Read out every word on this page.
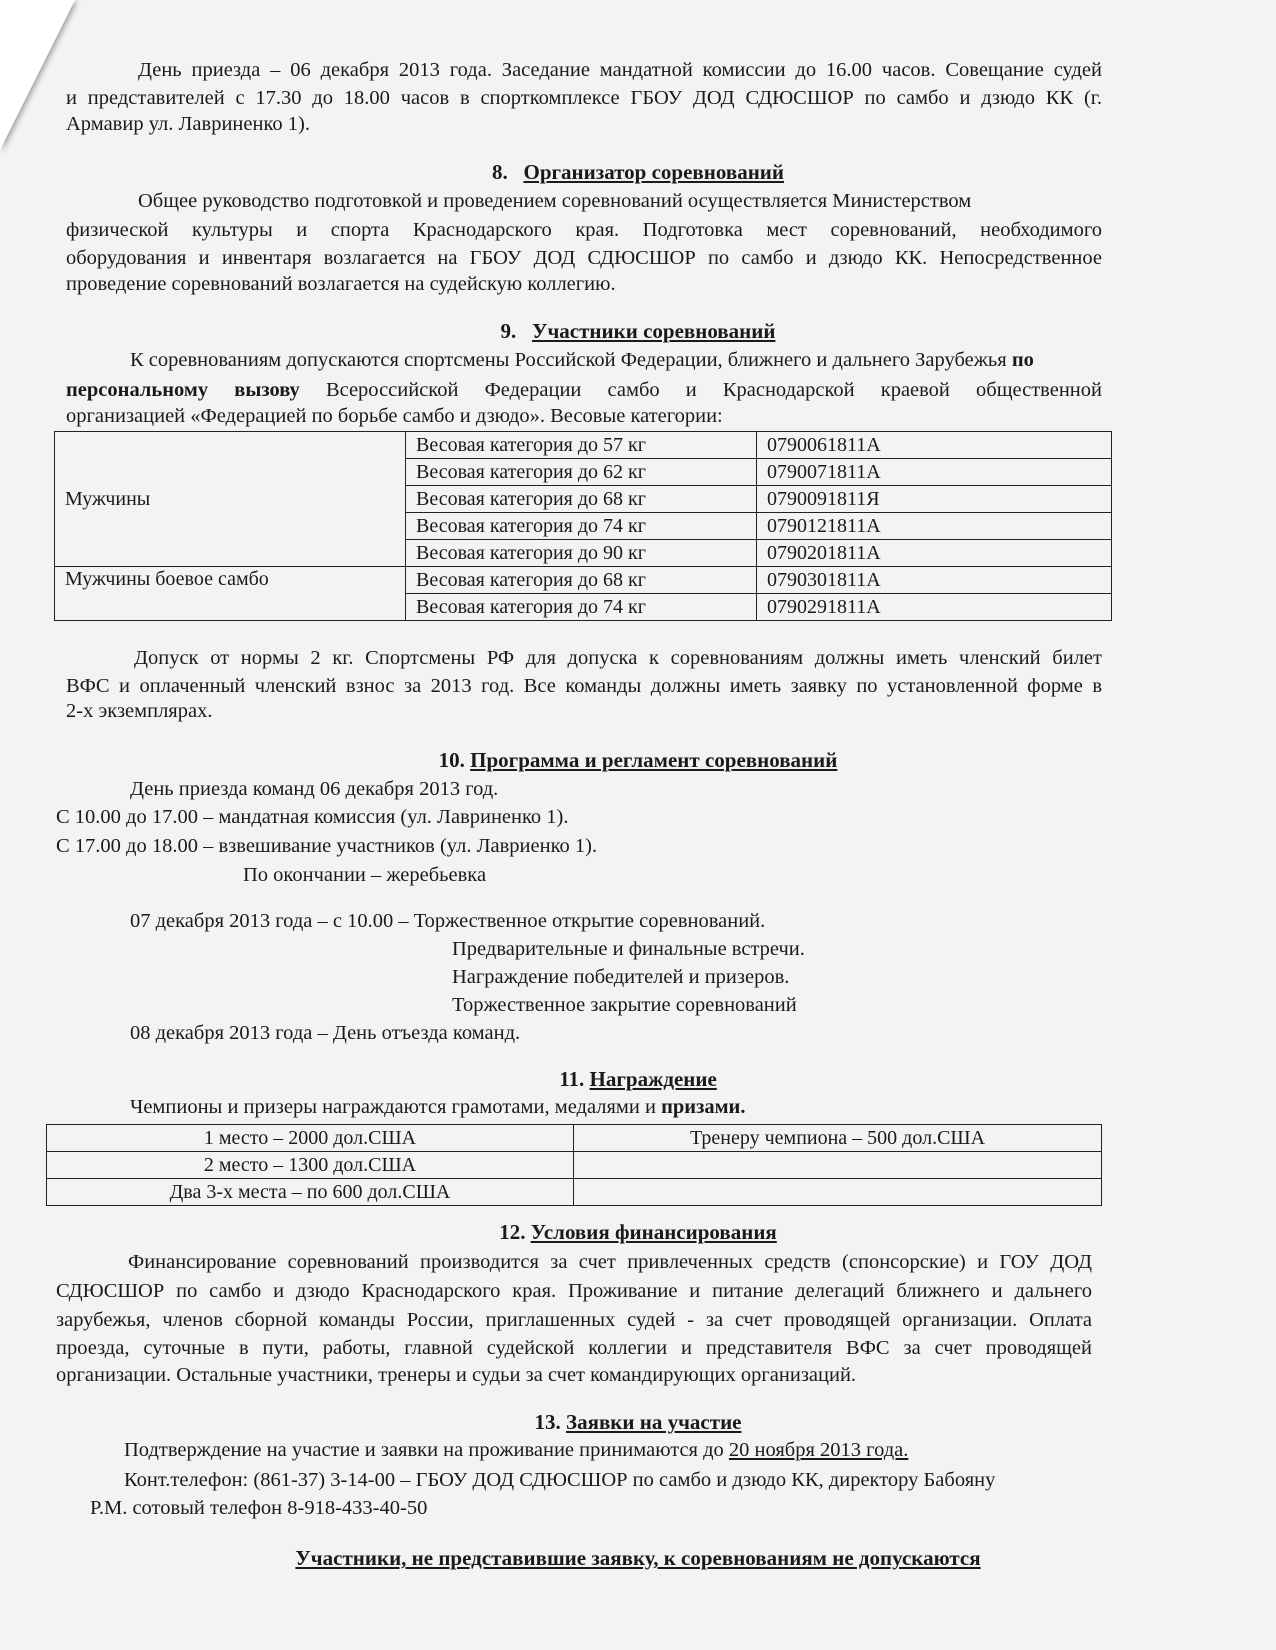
День приезда – 06 декабря 2013 года. Заседание мандатной комиссии до 16.00 часов. Совещание судей
и представителей с 17.30 до 18.00 часов в спорткомплексе ГБОУ ДОД СДЮСШОР по самбо и дзюдо КК (г.
Армавир ул. Лавриненко 1).
8. Организатор соревнований
Общее руководство подготовкой и проведением соревнований осуществляется Министерством
физической культуры и спорта Краснодарского края. Подготовка мест соревнований, необходимого
оборудования и инвентаря возлагается на ГБОУ ДОД СДЮСШОР по самбо и дзюдо КК. Непосредственное
проведение соревнований возлагается на судейскую коллегию.
9. Участники соревнований
К соревнованиям допускаются спортсмены Российской Федерации, ближнего и дальнего Зарубежья по
персональному вызову Всероссийской Федерации самбо и Краснодарской краевой общественной
организацией «Федерацией по борьбе самбо и дзюдо». Весовые категории:
Мужчины	Весовая категория до 57 кг	0790061811А
	Весовая категория до 62 кг	0790071811А
	Весовая категория до 68 кг	0790091811Я
	Весовая категория до 74 кг	0790121811А
	Весовая категория до 90 кг	0790201811А
Мужчины боевое самбо	Весовая категория до 68 кг	0790301811А
	Весовая категория до 74 кг	0790291811А
Допуск от нормы 2 кг. Спортсмены РФ для допуска к соревнованиям должны иметь членский билет
ВФС и оплаченный членский взнос за 2013 год. Все команды должны иметь заявку по установленной форме в
2-х экземплярах.
10. Программа и регламент соревнований
День приезда команд 06 декабря 2013 год.
С 10.00 до 17.00 – мандатная комиссия (ул. Лавриненко 1).
С 17.00 до 18.00 – взвешивание участников (ул. Лавриенко 1).
По окончании – жеребьевка
07 декабря 2013 года – с 10.00 – Торжественное открытие соревнований.
Предварительные и финальные встречи.
Награждение победителей и призеров.
Торжественное закрытие соревнований
08 декабря 2013 года – День отъезда команд.
11. Награждение
Чемпионы и призеры награждаются грамотами, медалями и призами.
1 место – 2000 дол.США	Тренеру чемпиона – 500 дол.США
2 место – 1300 дол.США	
Два 3-х места – по 600 дол.США	
12. Условия финансирования
Финансирование соревнований производится за счет привлеченных средств (спонсорские) и ГОУ ДОД
СДЮСШОР по самбо и дзюдо Краснодарского края. Проживание и питание делегаций ближнего и дальнего
зарубежья, членов сборной команды России, приглашенных судей - за счет проводящей организации. Оплата
проезда, суточные в пути, работы, главной судейской коллегии и представителя ВФС за счет проводящей
организации. Остальные участники, тренеры и судьи за счет командирующих организаций.
13. Заявки на участие
Подтверждение на участие и заявки на проживание принимаются до 20 ноября 2013 года.
Конт.телефон: (861-37) 3-14-00 – ГБОУ ДОД СДЮСШОР по самбо и дзюдо КК, директору Бабояну
Р.М. сотовый телефон 8-918-433-40-50
Участники, не представившие заявку, к соревнованиям не допускаются
